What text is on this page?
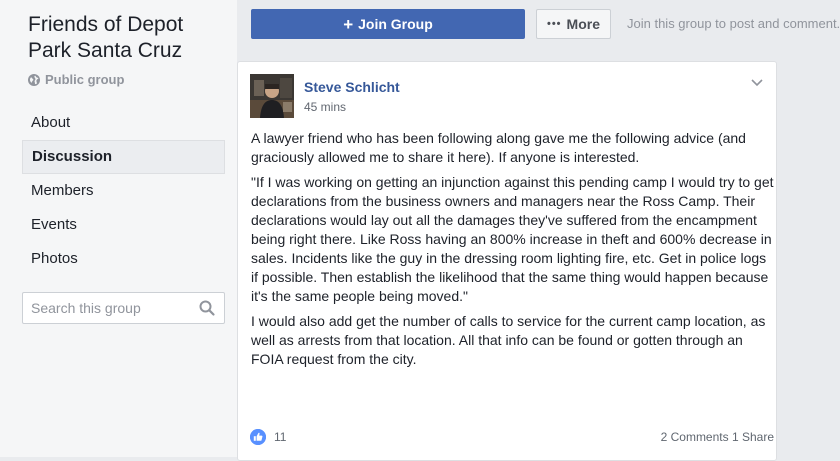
Friends of Depot Park Santa Cruz
Public group
About
Discussion
Members
Events
Photos
Search this group
+ Join Group	••• More Join this group to post and comment.
Steve Schlicht
45 mins

A lawyer friend who has been following along gave me the following advice (and graciously allowed me to share it here). If anyone is interested.

"If I was working on getting an injunction against this pending camp I would try to get declarations from the business owners and managers near the Ross Camp. Their declarations would lay out all the damages they've suffered from the encampment being right there. Like Ross having an 800% increase in theft and 600% decrease in sales. Incidents like the guy in the dressing room lighting fire, etc. Get in police logs if possible. Then establish the likelihood that the same thing would happen because it's the same people being moved."

I would also add get the number of calls to service for the current camp location, as well as arrests from that location. All that info can be found or gotten through an FOIA request from the city.

11	2 Comments 1 Share
